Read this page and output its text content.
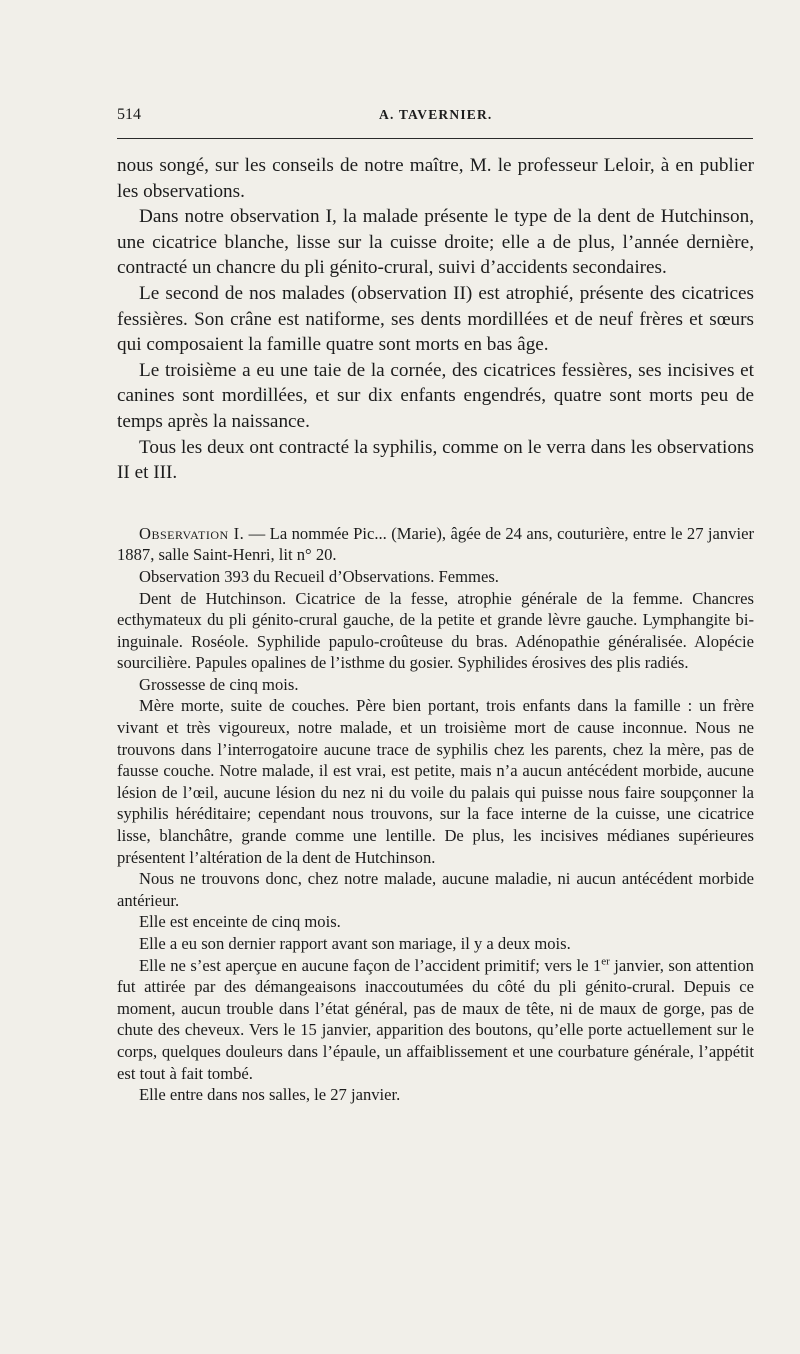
514	A. TAVERNIER.

nous songé, sur les conseils de notre maître, M. le professeur Leloir, à en publier les observations.

Dans notre observation I, la malade présente le type de la dent de Hutchinson, une cicatrice blanche, lisse sur la cuisse droite; elle a de plus, l’année dernière, contracté un chancre du pli génito-crural, suivi d’accidents secondaires.

Le second de nos malades (observation II) est atrophié, présente des cicatrices fessières. Son crâne est natiforme, ses dents mordillées et de neuf frères et sœurs qui composaient la famille quatre sont morts en bas âge.

Le troisième a eu une taie de la cornée, des cicatrices fessières, ses incisives et canines sont mordillées, et sur dix enfants engendrés, quatre sont morts peu de temps après la naissance.

Tous les deux ont contracté la syphilis, comme on le verra dans les observations II et III.

Observation I. — La nommée Pic... (Marie), âgée de 24 ans, couturière, entre le 27 janvier 1887, salle Saint-Henri, lit n° 20.

Observation 393 du Recueil d’Observations. Femmes.

Dent de Hutchinson. Cicatrice de la fesse, atrophie générale de la femme. Chancres ecthymateux du pli génito-crural gauche, de la petite et grande lèvre gauche. Lymphangite bi-inguinale. Roséole. Syphilide papulo-croûteuse du bras. Adénopathie généralisée. Alopécie sourcilière. Papules opalines de l’isthme du gosier. Syphilides érosives des plis radiés.

Grossesse de cinq mois.

Mère morte, suite de couches. Père bien portant, trois enfants dans la famille : un frère vivant et très vigoureux, notre malade, et un troisième mort de cause inconnue. Nous ne trouvons dans l’interrogatoire aucune trace de syphilis chez les parents, chez la mère, pas de fausse couche. Notre malade, il est vrai, est petite, mais n’a aucun antécédent morbide, aucune lésion de l’œil, aucune lésion du nez ni du voile du palais qui puisse nous faire soupçonner la syphilis héréditaire; cependant nous trouvons, sur la face interne de la cuisse, une cicatrice lisse, blanchâtre, grande comme une lentille. De plus, les incisives médianes supérieures présentent l’altération de la dent de Hutchinson.

Nous ne trouvons donc, chez notre malade, aucune maladie, ni aucun antécédent morbide antérieur.

Elle est enceinte de cinq mois.

Elle a eu son dernier rapport avant son mariage, il y a deux mois.

Elle ne s’est aperçue en aucune façon de l’accident primitif; vers le 1er janvier, son attention fut attirée par des démangeaisons inaccoutumées du côté du pli génito-crural. Depuis ce moment, aucun trouble dans l’état général, pas de maux de tête, ni de maux de gorge, pas de chute des cheveux. Vers le 15 janvier, apparition des boutons, qu’elle porte actuellement sur le corps, quelques douleurs dans l’épaule, un affaiblissement et une courbature générale, l’appétit est tout à fait tombé.

Elle entre dans nos salles, le 27 janvier.
